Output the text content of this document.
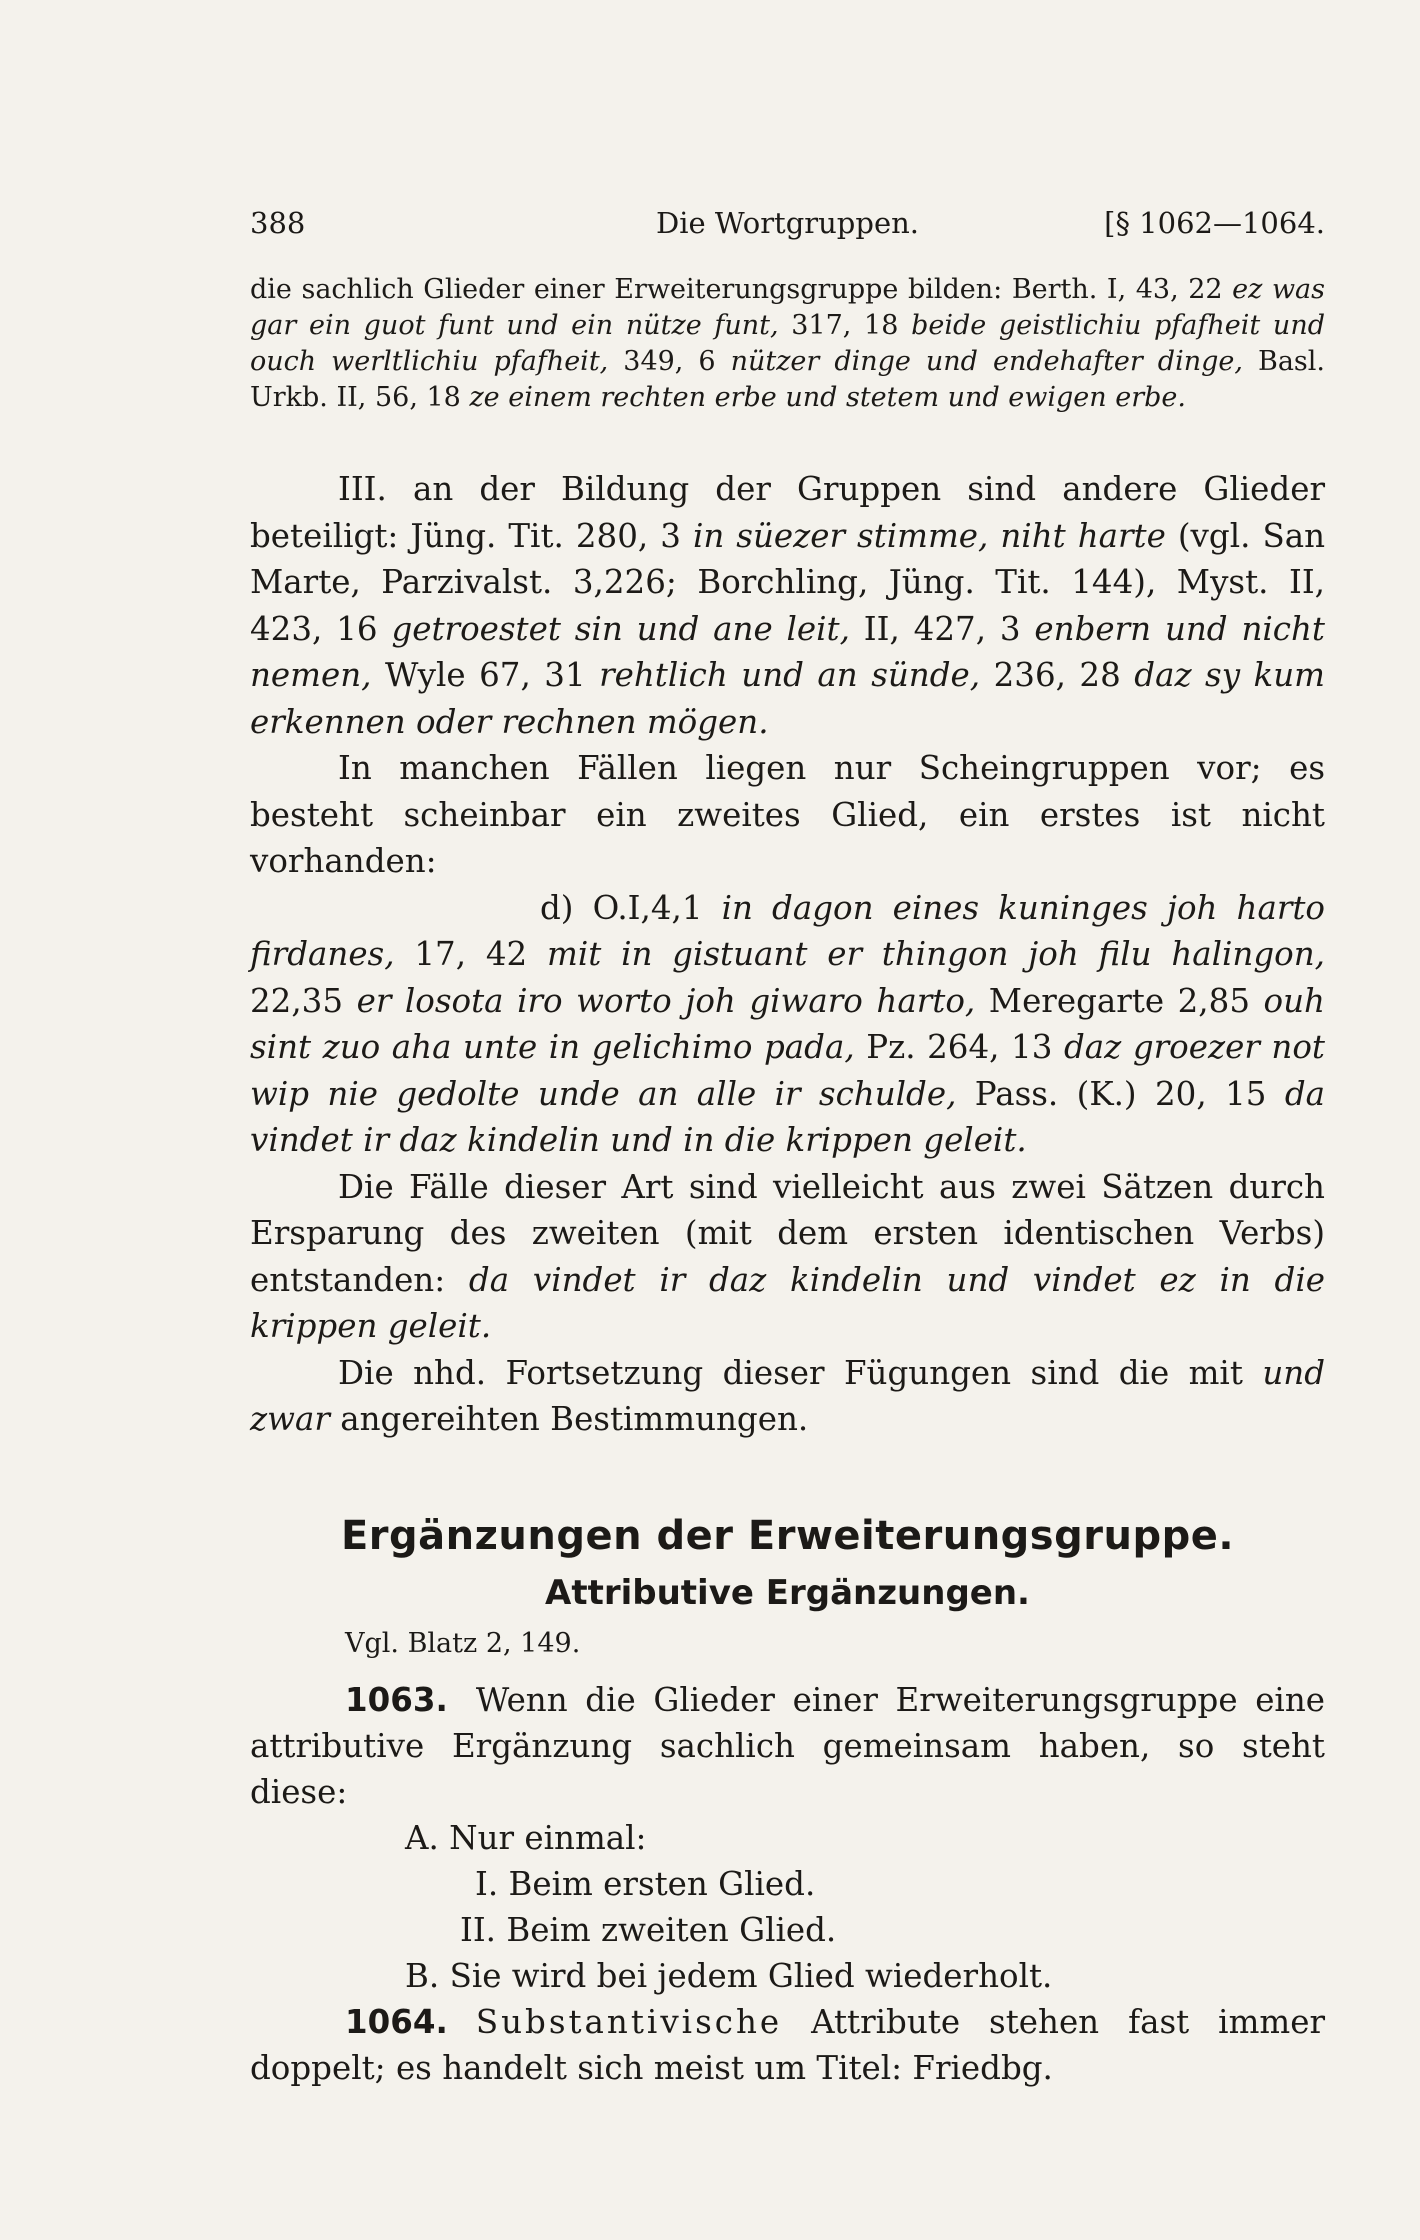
388	Die Wortgruppen.	[§ 1062—1064.

die sachlich Glieder einer Erweiterungsgruppe bilden: Berth. I, 43, 22 ez was gar ein guot funt und ein nütze funt, 317, 18 beide geistlichiu pfafheit und ouch werltlichiu pfafheit, 349, 6 nützer dinge und endehafter dinge, Basl. Urkb. II, 56, 18 ze einem rechten erbe und stetem und ewigen erbe.

III. an der Bildung der Gruppen sind andere Glieder beteiligt: Jüng. Tit. 280, 3 in süezer stimme, niht harte (vgl. San Marte, Parzivalst. 3,226; Borchling, Jüng. Tit. 144), Myst. II, 423, 16 getroestet sin und ane leit, II, 427, 3 enbern und nicht nemen, Wyle 67, 31 rehtlich und an sünde, 236, 28 daz sy kum erkennen oder rechnen mögen.

In manchen Fällen liegen nur Scheingruppen vor; es besteht scheinbar ein zweites Glied, ein erstes ist nicht vorhanden:

d) O.I,4,1 in dagon eines kuninges joh harto firdanes, 17, 42 mit in gistuant er thingon joh filu halingon, 22,35 er losota iro worto joh giwaro harto, Meregarte 2,85 ouh sint zuo aha unte in gelichimo pada, Pz. 264, 13 daz groezer not wip nie gedolte unde an alle ir schulde, Pass. (K.) 20, 15 da vindet ir daz kindelin und in die krippen geleit.

Die Fälle dieser Art sind vielleicht aus zwei Sätzen durch Ersparung des zweiten (mit dem ersten identischen Verbs) entstanden: da vindet ir daz kindelin und vindet ez in die krippen geleit.

Die nhd. Fortsetzung dieser Fügungen sind die mit und zwar angereihten Bestimmungen.

Ergänzungen der Erweiterungsgruppe.
Attributive Ergänzungen.
Vgl. Blatz 2, 149.

1063. Wenn die Glieder einer Erweiterungsgruppe eine attributive Ergänzung sachlich gemeinsam haben, so steht diese:

A. Nur einmal:

I. Beim ersten Glied.

II. Beim zweiten Glied.

B. Sie wird bei jedem Glied wiederholt.

1064. Substantivische Attribute stehen fast immer doppelt; es handelt sich meist um Titel: Friedbg.
